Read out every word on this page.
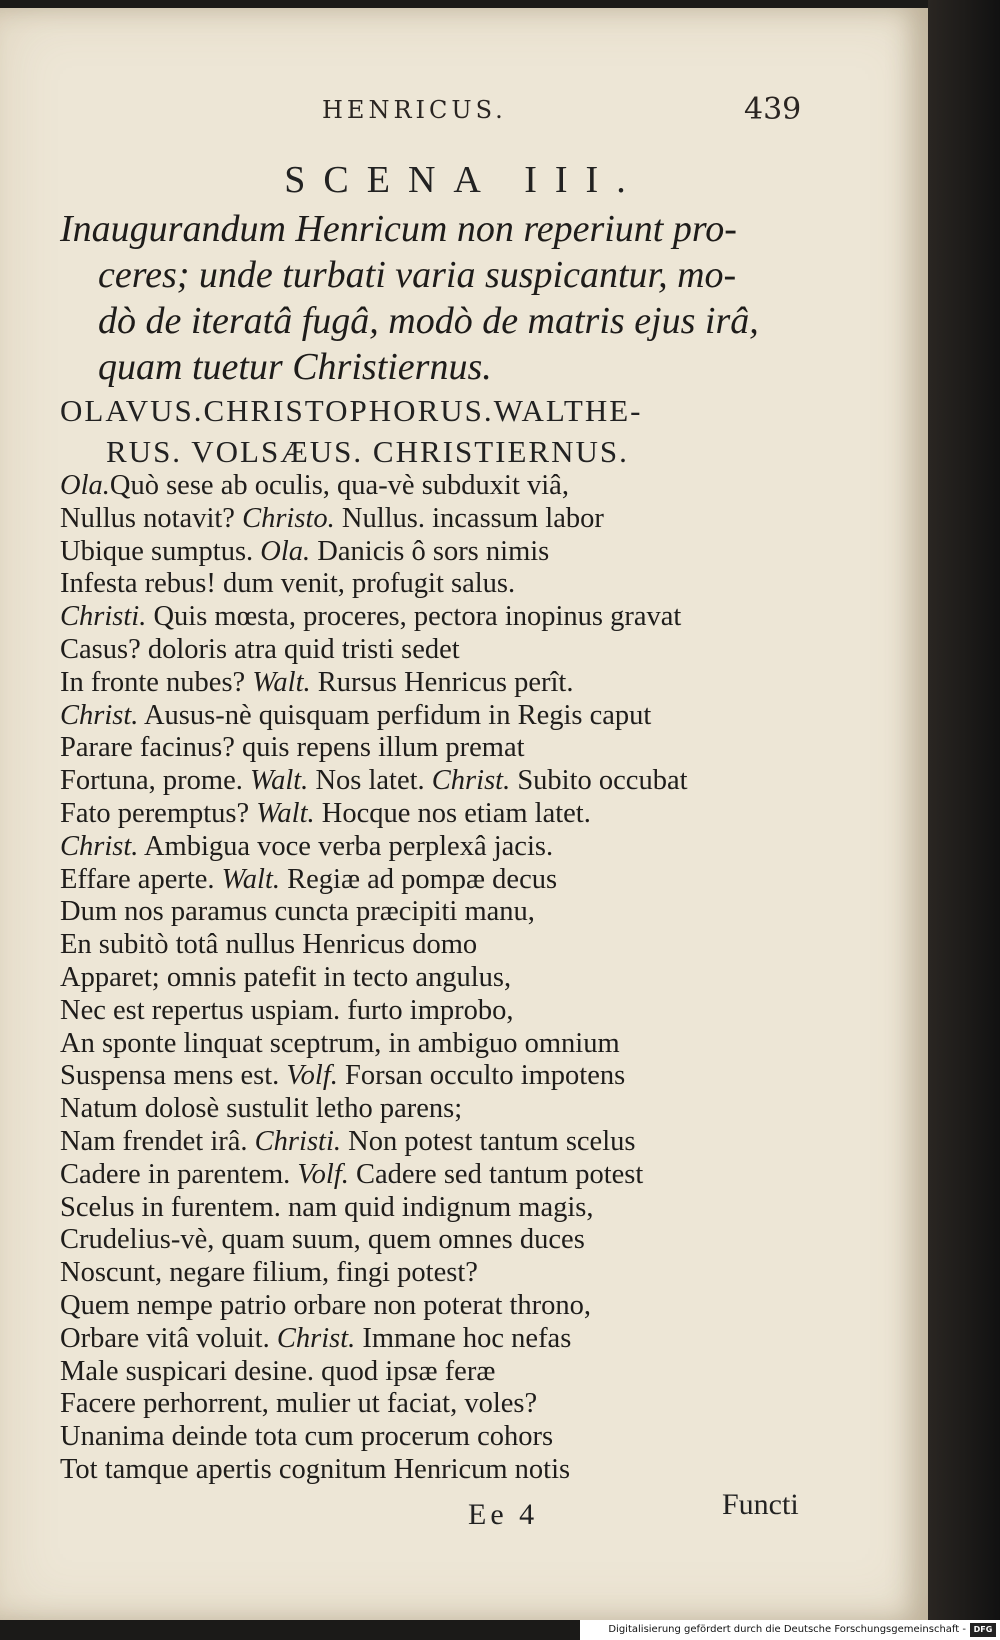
HENRICUS.	439
SCENA III.
Inaugurandum Henricum non reperiunt pro-
ceres; unde turbati varia suspicantur, mo-
dò de iteratâ fugâ, modò de matris ejus irâ,
quam tuetur Christiernus.
OLAVUS.CHRISTOPHORUS.WALTHE-
RUS. VOLSÆUS. CHRISTIERNUS.
Ola.Quò sese ab oculis, qua-vè subduxit viâ,
Nullus notavit? Christo. Nullus. incassum labor
Ubique sumptus. Ola. Danicis ô sors nimis
Infesta rebus! dum venit, profugit salus.
Christi. Quis mœsta, proceres, pectora inopinus gravat
Casus? doloris atra quid tristi sedet
In fronte nubes? Walt. Rursus Henricus perît.
Christ. Ausus-nè quisquam perfidum in Regis caput
Parare facinus? quis repens illum premat
Fortuna, prome. Walt. Nos latet. Christ. Subito occubat
Fato peremptus? Walt. Hocque nos etiam latet.
Christ. Ambigua voce verba perplexâ jacis.
Effare aperte. Walt. Regiæ ad pompæ decus
Dum nos paramus cuncta præcipiti manu,
En subitò totâ nullus Henricus domo
Apparet; omnis patefit in tecto angulus,
Nec est repertus uspiam. furto improbo,
An sponte linquat sceptrum, in ambiguo omnium
Suspensa mens est. Volf. Forsan occulto impotens
Natum dolosè sustulit letho parens;
Nam frendet irâ. Christi. Non potest tantum scelus
Cadere in parentem. Volf. Cadere sed tantum potest
Scelus in furentem. nam quid indignum magis,
Crudelius-vè, quam suum, quem omnes duces
Noscunt, negare filium, fingi potest?
Quem nempe patrio orbare non poterat throno,
Orbare vitâ voluit. Christ. Immane hoc nefas
Male suspicari desine. quod ipsæ feræ
Facere perhorrent, mulier ut faciat, voles?
Unanima deinde tota cum procerum cohors
Tot tamque apertis cognitum Henricum notis
Ee 4	Functi
Digitalisierung gefördert durch die Deutsche Forschungsgemeinschaft - DFG
